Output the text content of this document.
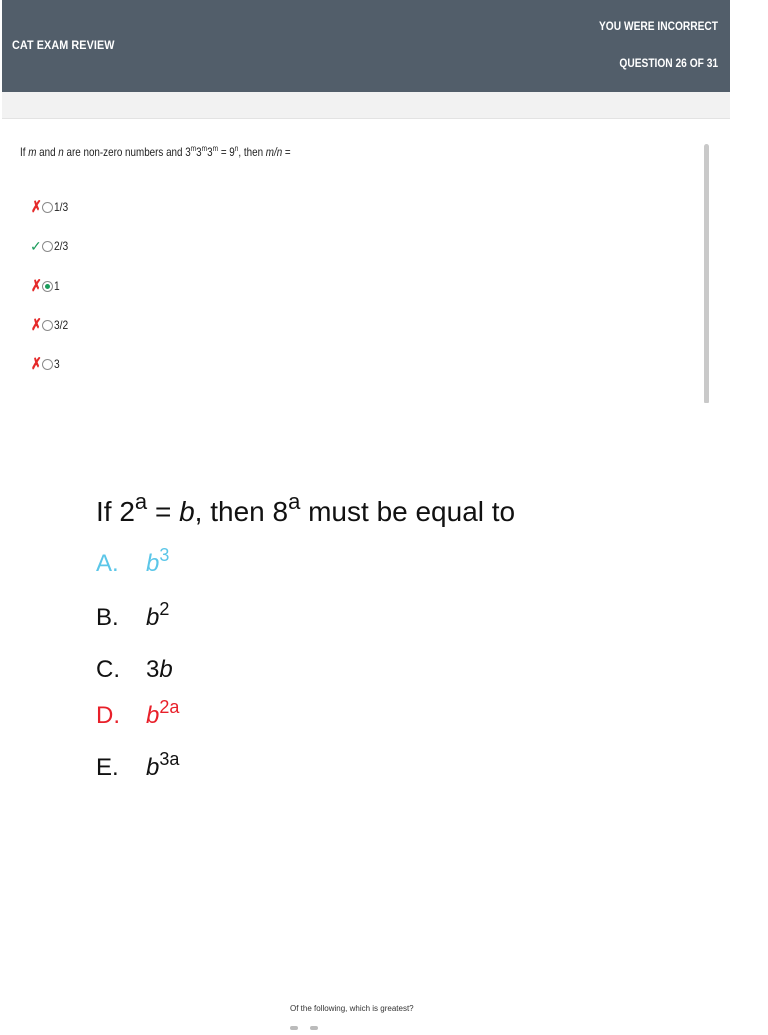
CAT EXAM REVIEW
YOU WERE INCORRECT
QUESTION 26 OF 31
If m and n are non-zero numbers and $3^m3^m3^m = 9^n$, then m/n =
✗ 1/3
✓ 2/3
✗ 1
✗ 3/2
✗ 3
If $2^a = b$, then 8$^a$ must be equal to
A. $b^3$
B. $b^2$
C. 3b
D. $b^{2a}$
E. $b^{3a}$
Of the following, which is greatest?
